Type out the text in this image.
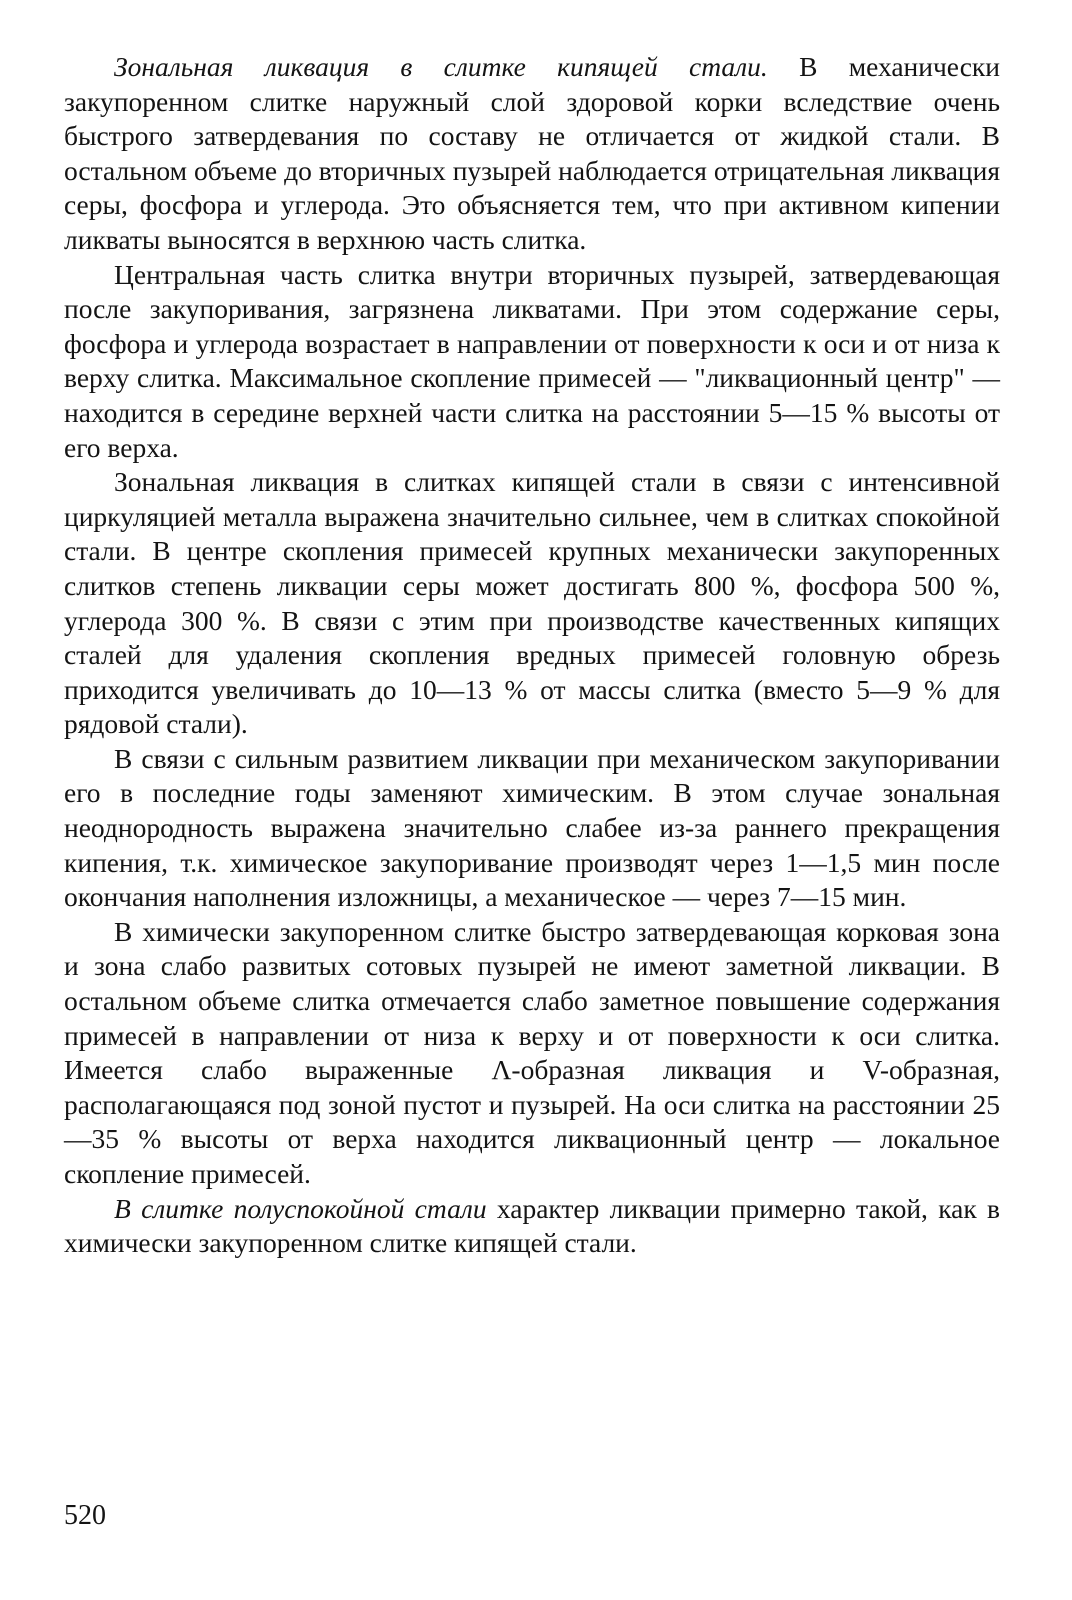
Зональная ликвация в слитке кипящей стали. В механически закупоренном слитке наружный слой здоровой корки вследствие очень быстрого затвердевания по составу не отличается от жидкой стали. В остальном объеме до вторичных пузырей наблюдается отрицательная ликвация серы, фосфора и углерода. Это объясняется тем, что при активном кипении ликваты выносятся в верхнюю часть слитка.

Центральная часть слитка внутри вторичных пузырей, затвердевающая после закупоривания, загрязнена ликватами. При этом содержание серы, фосфора и углерода возрастает в направлении от поверхности к оси и от низа к верху слитка. Максимальное скопление примесей — "ликвационный центр" — находится в середине верхней части слитка на расстоянии 5—15 % высоты от его верха.

Зональная ликвация в слитках кипящей стали в связи с интенсивной циркуляцией металла выражена значительно сильнее, чем в слитках спокойной стали. В центре скопления примесей крупных механически закупоренных слитков степень ликвации серы может достигать 800 %, фосфора 500 %, углерода 300 %. В связи с этим при производстве качественных кипящих сталей для удаления скопления вредных примесей головную обрезь приходится увеличивать до 10—13 % от массы слитка (вместо 5—9 % для рядовой стали).

В связи с сильным развитием ликвации при механическом закупоривании его в последние годы заменяют химическим. В этом случае зональная неоднородность выражена значительно слабее из-за раннего прекращения кипения, т.к. химическое закупоривание производят через 1—1,5 мин после окончания наполнения изложницы, а механическое — через 7—15 мин.

В химически закупоренном слитке быстро затвердевающая корковая зона и зона слабо развитых сотовых пузырей не имеют заметной ликвации. В остальном объеме слитка отмечается слабо заметное повышение содержания примесей в направлении от низа к верху и от поверхности к оси слитка. Имеется слабо выраженные Λ-образная ликвация и V-образная, располагающаяся под зоной пустот и пузырей. На оси слитка на расстоянии 25—35 % высоты от верха находится ликвационный центр — локальное скопление примесей.

В слитке полуспокойной стали характер ликвации примерно такой, как в химически закупоренном слитке кипящей стали.

520
